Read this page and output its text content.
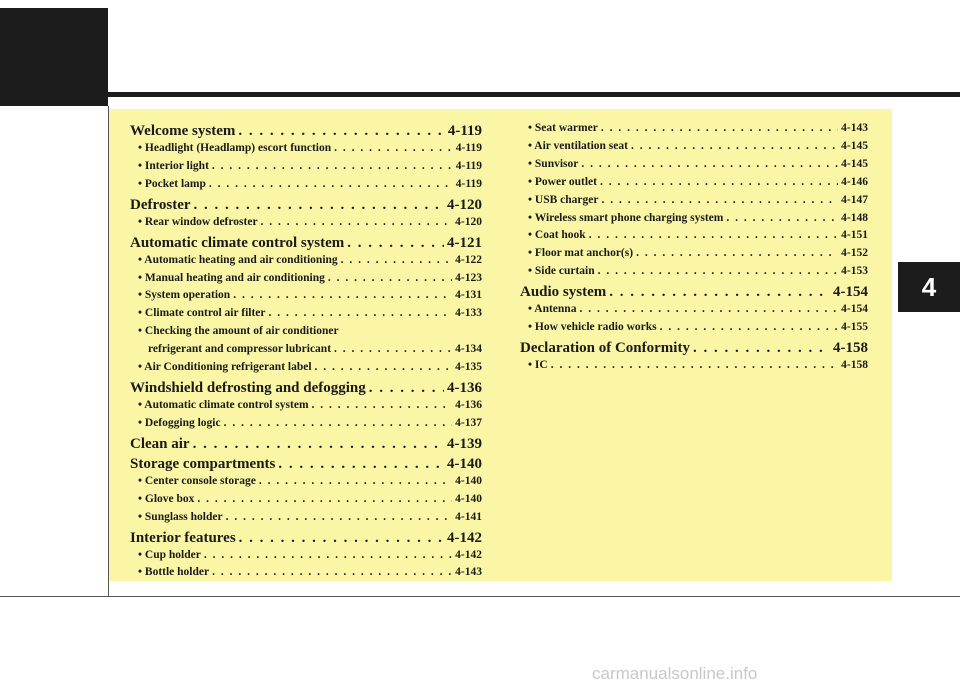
4
Welcome system . . .	4-119
• Headlight (Headlamp) escort function . . .	4-119
• Interior light . . .	4-119
• Pocket lamp . . .	4-119
Defroster . . .	4-120
• Rear window defroster . . .	4-120
Automatic climate control system . . .	4-121
• Automatic heating and air conditioning . . .	4-122
• Manual heating and air conditioning . . .	4-123
• System operation . . .	4-131
• Climate control air filter . . .	4-133
• Checking the amount of air conditioner
refrigerant and compressor lubricant . . .	4-134
• Air Conditioning refrigerant label . . .	4-135
Windshield defrosting and defogging . . .	4-136
• Automatic climate control system . . .	4-136
• Defogging logic . . .	4-137
Clean air . . .	4-139
Storage compartments . . .	4-140
• Center console storage . . .	4-140
• Glove box . . .	4-140
• Sunglass holder . . .	4-141
Interior features . . .	4-142
• Cup holder . . .	4-142
• Bottle holder . . .	4-143
• Seat warmer . . .	4-143
• Air ventilation seat . . .	4-145
• Sunvisor . . .	4-145
• Power outlet . . .	4-146
• USB charger . . .	4-147
• Wireless smart phone charging system . . .	4-148
• Coat hook . . .	4-151
• Floor mat anchor(s) . . .	4-152
• Side curtain . . .	4-153
Audio system . . .	4-154
• Antenna . . .	4-154
• How vehicle radio works . . .	4-155
Declaration of Conformity . . .	4-158
• IC . . .	4-158
carmanualsonline.info
